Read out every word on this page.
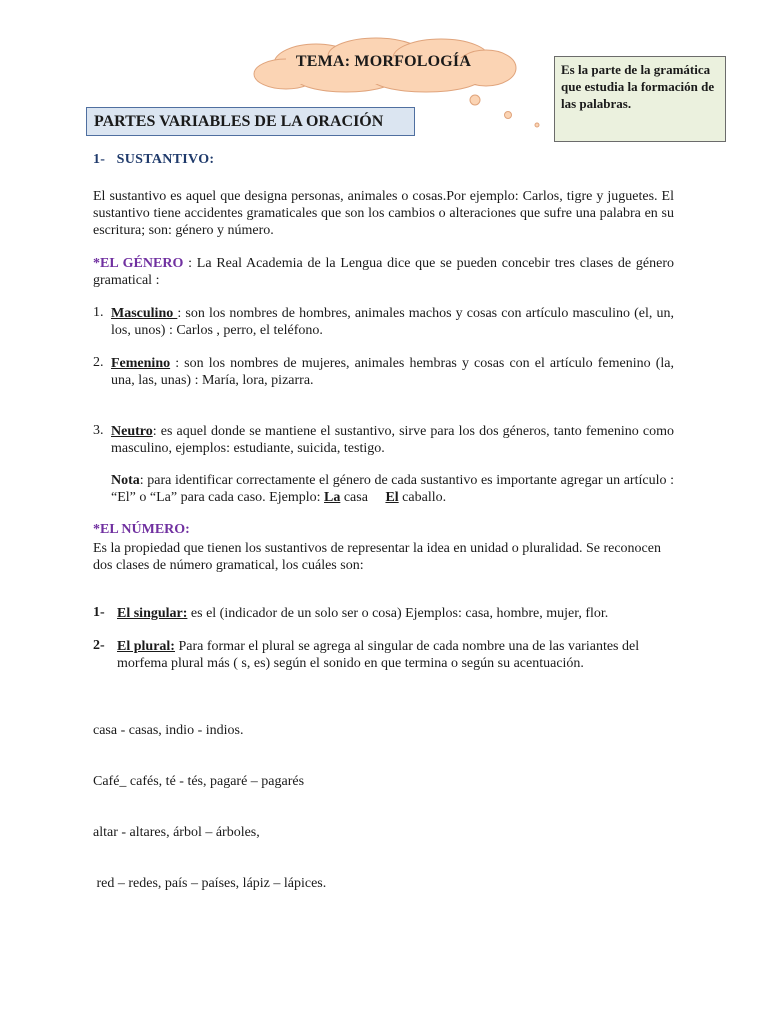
TEMA: MORFOLOGÍA	Es la parte de la gramática que estudia la formación de las palabras.
PARTES VARIABLES DE LA ORACIÓN
1- SUSTANTIVO:
El sustantivo es aquel que designa personas, animales o cosas.Por ejemplo: Carlos, tigre y juguetes. El sustantivo tiene accidentes gramaticales que son los cambios o alteraciones que sufre una palabra en su escritura; son: género y número.
*EL GÉNERO : La Real Academia de la Lengua dice que se pueden concebir tres clases de género gramatical :
1. Masculino : son los nombres de hombres, animales machos y cosas con artículo masculino (el, un, los, unos) : Carlos , perro, el teléfono.
2. Femenino : son los nombres de mujeres, animales hembras y cosas con el artículo femenino (la, una, las, unas) : María, lora, pizarra.
3. Neutro: es aquel donde se mantiene el sustantivo, sirve para los dos géneros, tanto femenino como masculino, ejemplos: estudiante, suicida, testigo.
Nota: para identificar correctamente el género de cada sustantivo es importante agregar un artículo : “El” o “La” para cada caso. Ejemplo: La casa     El caballo.
*EL NÚMERO:
Es la propiedad que tienen los sustantivos de representar la idea en unidad o pluralidad. Se reconocen dos clases de número gramatical, los cuáles son:
1- El singular: es el (indicador de un solo ser o cosa) Ejemplos: casa, hombre, mujer, flor.
2- El plural: Para formar el plural se agrega al singular de cada nombre una de las variantes del morfema plural más ( s, es) según el sonido en que termina o según su acentuación.

casa - casas, indio - indios.

Café_ cafés, té - tés, pagaré – pagarés

altar - altares, árbol – árboles,

red – redes, país – países, lápiz – lápices.
